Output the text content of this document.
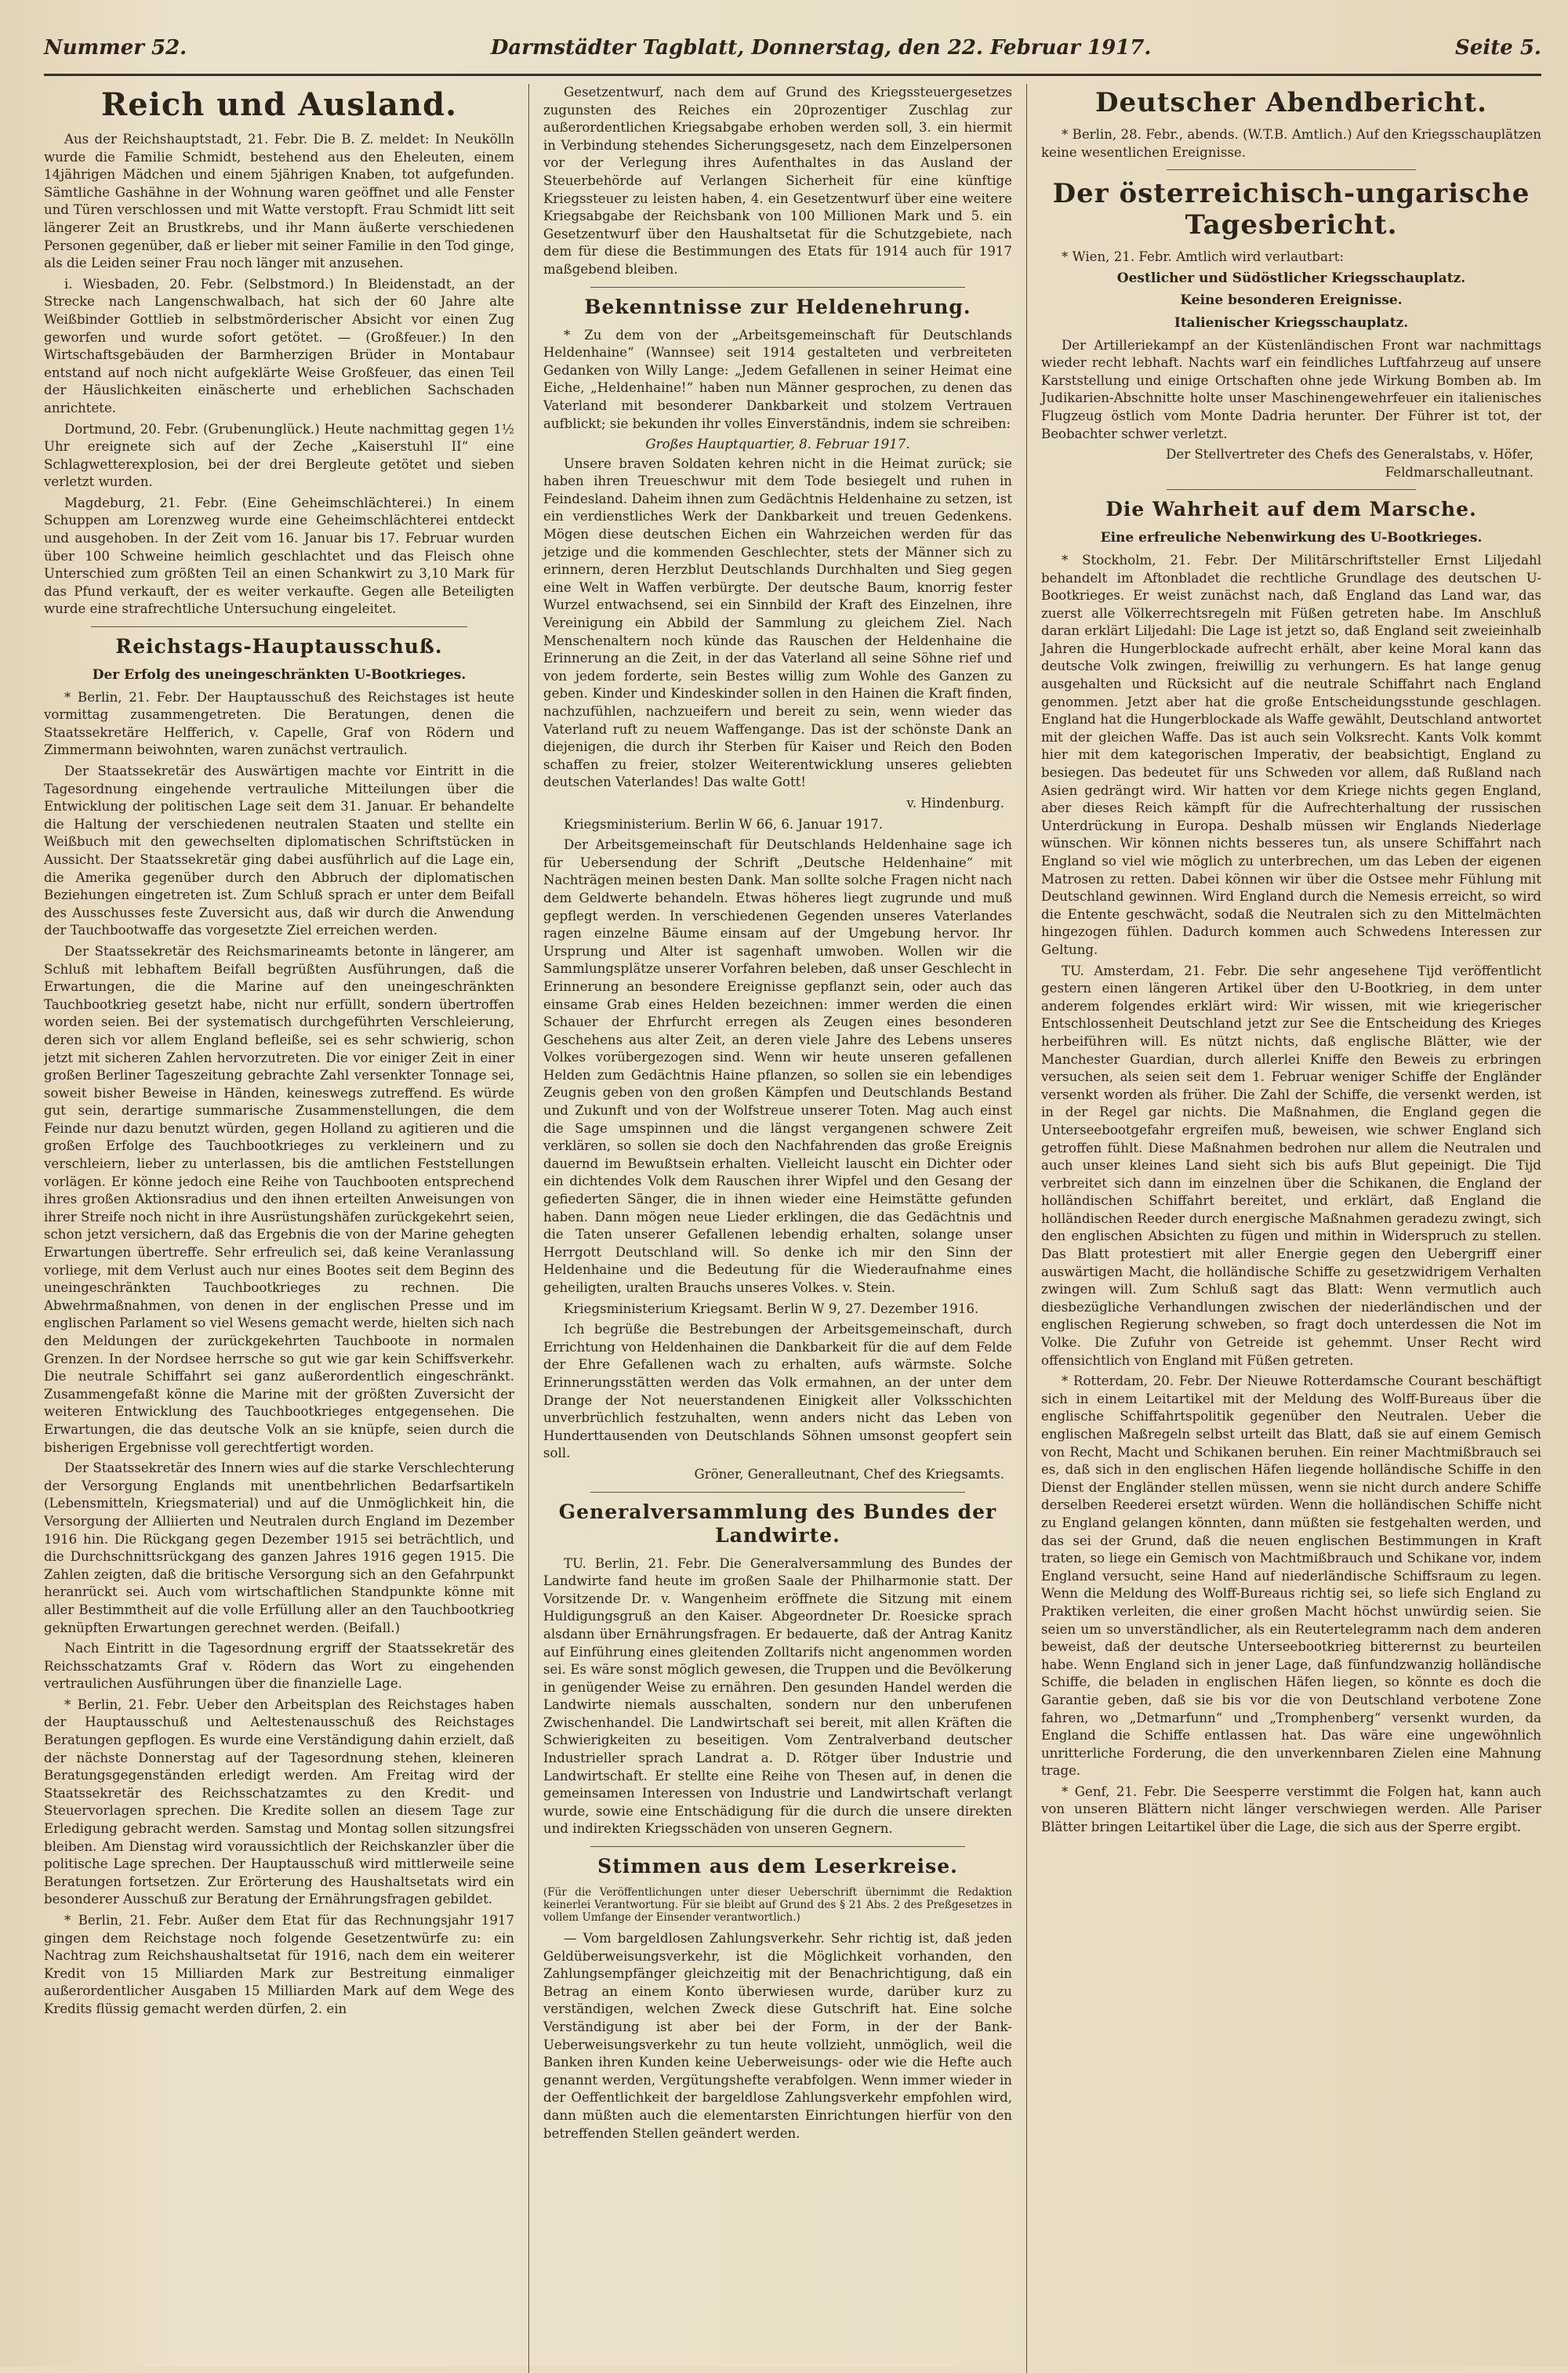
Nummer 52.	Darmstädter Tagblatt, Donnerstag, den 22. Februar 1917.	Seite 5.
Reich und Ausland.

Aus der Reichshauptstadt, 21. Febr. Die B. Z. meldet: In Neukölln wurde die Familie Schmidt, bestehend aus den Eheleuten, einem 14jährigen Mädchen und einem 5jährigen Knaben, tot aufgefunden. Sämtliche Gashähne in der Wohnung waren geöffnet und alle Fenster und Türen verschlossen und mit Watte verstopft. Frau Schmidt litt seit längerer Zeit an Brustkrebs, und ihr Mann äußerte verschiedenen Personen gegenüber, daß er lieber mit seiner Familie in den Tod ginge, als die Leiden seiner Frau noch länger mit anzusehen.

i. Wiesbaden, 20. Febr. (Selbstmord.) In Bleidenstadt, an der Strecke nach Langenschwalbach, hat sich der 60 Jahre alte Weißbinder Gottlieb in selbstmörderischer Absicht vor einen Zug geworfen und wurde sofort getötet. — (Großfeuer.) In den Wirtschaftsgebäuden der Barmherzigen Brüder in Montabaur entstand auf noch nicht aufgeklärte Weise Großfeuer, das einen Teil der Häuslichkeiten einäscherte und erheblichen Sachschaden anrichtete.

Dortmund, 20. Febr. (Grubenunglück.) Heute nachmittag gegen 1½ Uhr ereignete sich auf der Zeche „Kaiserstuhl II“ eine Schlagwetterexplosion, bei der drei Bergleute getötet und sieben verletzt wurden.

Magdeburg, 21. Febr. (Eine Geheimschlächterei.) In einem Schuppen am Lorenzweg wurde eine Geheimschlächterei entdeckt und ausgehoben. In der Zeit vom 16. Januar bis 17. Februar wurden über 100 Schweine heimlich geschlachtet und das Fleisch ohne Unterschied zum größten Teil an einen Schankwirt zu 3,10 Mark für das Pfund verkauft, der es weiter verkaufte. Gegen alle Beteiligten wurde eine strafrechtliche Untersuchung eingeleitet.

Reichstags-Hauptausschuß.
Der Erfolg des uneingeschränkten U-Bootkrieges.

* Berlin, 21. Febr. Der Hauptausschuß des Reichstages ist heute vormittag zusammengetreten. Die Beratungen, denen die Staatssekretäre Helfferich, v. Capelle, Graf von Rödern und Zimmermann beiwohnten, waren zunächst vertraulich.

Der Staatssekretär des Auswärtigen machte vor Eintritt in die Tagesordnung eingehende vertrauliche Mitteilungen über die Entwicklung der politischen Lage seit dem 31. Januar. Er behandelte die Haltung der verschiedenen neutralen Staaten und stellte ein Weißbuch mit den gewechselten diplomatischen Schriftstücken in Aussicht. Der Staatssekretär ging dabei ausführlich auf die Lage ein, die Amerika gegenüber durch den Abbruch der diplomatischen Beziehungen eingetreten ist. Zum Schluß sprach er unter dem Beifall des Ausschusses feste Zuversicht aus, daß wir durch die Anwendung der Tauchbootwaffe das vorgesetzte Ziel erreichen werden.

Der Staatssekretär des Reichsmarineamts betonte in längerer, am Schluß mit lebhaftem Beifall begrüßten Ausführungen, daß die Erwartungen, die die Marine auf den uneingeschränkten Tauchbootkrieg gesetzt habe, nicht nur erfüllt, sondern übertroffen worden seien. Bei der systematisch durchgeführten Verschleierung, deren sich vor allem England befleiße, sei es sehr schwierig, schon jetzt mit sicheren Zahlen hervorzutreten. Die vor einiger Zeit in einer großen Berliner Tageszeitung gebrachte Zahl versenkter Tonnage sei, soweit bisher Beweise in Händen, keineswegs zutreffend. Es würde gut sein, derartige summarische Zusammenstellungen, die dem Feinde nur dazu benutzt würden, gegen Holland zu agitieren und die großen Erfolge des Tauchbootkrieges zu verkleinern und zu verschleiern, lieber zu unterlassen, bis die amtlichen Feststellungen vorlägen. Er könne jedoch eine Reihe von Tauchbooten entsprechend ihres großen Aktionsradius und den ihnen erteilten Anweisungen von ihrer Streife noch nicht in ihre Ausrüstungshäfen zurückgekehrt seien, schon jetzt versichern, daß das Ergebnis die von der Marine gehegten Erwartungen übertreffe. Sehr erfreulich sei, daß keine Veranlassung vorliege, mit dem Verlust auch nur eines Bootes seit dem Beginn des uneingeschränkten Tauchbootkrieges zu rechnen. Die Abwehrmaßnahmen, von denen in der englischen Presse und im englischen Parlament so viel Wesens gemacht werde, hielten sich nach den Meldungen der zurückgekehrten Tauchboote in normalen Grenzen. In der Nordsee herrsche so gut wie gar kein Schiffsverkehr. Die neutrale Schiffahrt sei ganz außerordentlich eingeschränkt. Zusammengefaßt könne die Marine mit der größten Zuversicht der weiteren Entwicklung des Tauchbootkrieges entgegensehen. Die Erwartungen, die das deutsche Volk an sie knüpfe, seien durch die bisherigen Ergebnisse voll gerechtfertigt worden.

Der Staatssekretär des Innern wies auf die starke Verschlechterung der Versorgung Englands mit unentbehrlichen Bedarfsartikeln (Lebensmitteln, Kriegsmaterial) und auf die Unmöglichkeit hin, die Versorgung der Alliierten und Neutralen durch England im Dezember 1916 hin. Die Rückgang gegen Dezember 1915 sei beträchtlich, und die Durchschnittsrückgang des ganzen Jahres 1916 gegen 1915. Die Zahlen zeigten, daß die britische Versorgung sich an den Gefahrpunkt heranrückt sei. Auch vom wirtschaftlichen Standpunkte könne mit aller Bestimmtheit auf die volle Erfüllung aller an den Tauchbootkrieg geknüpften Erwartungen gerechnet werden. (Beifall.)

Nach Eintritt in die Tagesordnung ergriff der Staatssekretär des Reichsschatzamts Graf v. Rödern das Wort zu eingehenden vertraulichen Ausführungen über die finanzielle Lage.

* Berlin, 21. Febr. Ueber den Arbeitsplan des Reichstages haben der Hauptausschuß und Aeltestenausschuß des Reichstages Beratungen gepflogen. Es wurde eine Verständigung dahin erzielt, daß der nächste Donnerstag auf der Tagesordnung stehen, kleineren Beratungsgegenständen erledigt werden. Am Freitag wird der Staatssekretär des Reichsschatzamtes zu den Kredit- und Steuervorlagen sprechen. Die Kredite sollen an diesem Tage zur Erledigung gebracht werden. Samstag und Montag sollen sitzungsfrei bleiben. Am Dienstag wird voraussichtlich der Reichskanzler über die politische Lage sprechen. Der Hauptausschuß wird mittlerweile seine Beratungen fortsetzen. Zur Erörterung des Haushaltsetats wird ein besonderer Ausschuß zur Beratung der Ernährungsfragen gebildet.

* Berlin, 21. Febr. Außer dem Etat für das Rechnungsjahr 1917 gingen dem Reichstage noch folgende Gesetzentwürfe zu: ein Nachtrag zum Reichshaushaltsetat für 1916, nach dem ein weiterer Kredit von 15 Milliarden Mark zur Bestreitung einmaliger außerordentlicher Ausgaben 15 Milliarden Mark auf dem Wege des Kredits flüssig gemacht werden dürfen, 2. ein

Gesetzentwurf, nach dem auf Grund des Kriegssteuergesetzes zugunsten des Reiches ein 20prozentiger Zuschlag zur außerordentlichen Kriegsabgabe erhoben werden soll, 3. ein hiermit in Verbindung stehendes Sicherungsgesetz, nach dem Einzelpersonen vor der Verlegung ihres Aufenthaltes in das Ausland der Steuerbehörde auf Verlangen Sicherheit für eine künftige Kriegssteuer zu leisten haben, 4. ein Gesetzentwurf über eine weitere Kriegsabgabe der Reichsbank von 100 Millionen Mark und 5. ein Gesetzentwurf über den Haushaltsetat für die Schutzgebiete, nach dem für diese die Bestimmungen des Etats für 1914 auch für 1917 maßgebend bleiben.

Bekenntnisse zur Heldenehrung.

* Zu dem von der „Arbeitsgemeinschaft für Deutschlands Heldenhaine“ (Wannsee) seit 1914 gestalteten und verbreiteten Gedanken von Willy Lange: „Jedem Gefallenen in seiner Heimat eine Eiche, „Heldenhaine!“ haben nun Männer gesprochen, zu denen das Vaterland mit besonderer Dankbarkeit und stolzem Vertrauen aufblickt; sie bekunden ihr volles Einverständnis, indem sie schreiben:

Großes Hauptquartier, 8. Februar 1917.

Unsere braven Soldaten kehren nicht in die Heimat zurück; sie haben ihren Treueschwur mit dem Tode besiegelt und ruhen in Feindesland. Daheim ihnen zum Gedächtnis Heldenhaine zu setzen, ist ein verdienstliches Werk der Dankbarkeit und treuen Gedenkens. Mögen diese deutschen Eichen ein Wahrzeichen werden für das jetzige und die kommenden Geschlechter, stets der Männer sich zu erinnern, deren Herzblut Deutschlands Durchhalten und Sieg gegen eine Welt in Waffen verbürgte. Der deutsche Baum, knorrig fester Wurzel entwachsend, sei ein Sinnbild der Kraft des Einzelnen, ihre Vereinigung ein Abbild der Sammlung zu gleichem Ziel. Nach Menschenaltern noch künde das Rauschen der Heldenhaine die Erinnerung an die Zeit, in der das Vaterland all seine Söhne rief und von jedem forderte, sein Bestes willig zum Wohle des Ganzen zu geben. Kinder und Kindeskinder sollen in den Hainen die Kraft finden, nachzufühlen, nachzueifern und bereit zu sein, wenn wieder das Vaterland ruft zu neuem Waffengange. Das ist der schönste Dank an diejenigen, die durch ihr Sterben für Kaiser und Reich den Boden schaffen zu freier, stolzer Weiterentwicklung unseres geliebten deutschen Vaterlandes! Das walte Gott!

v. Hindenburg.

Kriegsministerium. Berlin W 66, 6. Januar 1917.

Der Arbeitsgemeinschaft für Deutschlands Heldenhaine sage ich für Uebersendung der Schrift „Deutsche Heldenhaine“ mit Nachträgen meinen besten Dank. Man sollte solche Fragen nicht nach dem Geldwerte behandeln. Etwas höheres liegt zugrunde und muß gepflegt werden. In verschiedenen Gegenden unseres Vaterlandes ragen einzelne Bäume einsam auf der Umgebung hervor. Ihr Ursprung und Alter ist sagenhaft umwoben. Wollen wir die Sammlungsplätze unserer Vorfahren beleben, daß unser Geschlecht in Erinnerung an besondere Ereignisse gepflanzt sein, oder auch das einsame Grab eines Helden bezeichnen: immer werden die einen Schauer der Ehrfurcht erregen als Zeugen eines besonderen Geschehens aus alter Zeit, an deren viele Jahre des Lebens unseres Volkes vorübergezogen sind. Wenn wir heute unseren gefallenen Helden zum Gedächtnis Haine pflanzen, so sollen sie ein lebendiges Zeugnis geben von den großen Kämpfen und Deutschlands Bestand und Zukunft und von der Wolfstreue unserer Toten. Mag auch einst die Sage umspinnen und die längst vergangenen schwere Zeit verklären, so sollen sie doch den Nachfahrenden das große Ereignis dauernd im Bewußtsein erhalten. Vielleicht lauscht ein Dichter oder ein dichtendes Volk dem Rauschen ihrer Wipfel und den Gesang der gefiederten Sänger, die in ihnen wieder eine Heimstätte gefunden haben. Dann mögen neue Lieder erklingen, die das Gedächtnis und die Taten unserer Gefallenen lebendig erhalten, solange unser Herrgott Deutschland will. So denke ich mir den Sinn der Heldenhaine und die Bedeutung für die Wiederaufnahme eines geheiligten, uralten Brauchs unseres Volkes. v. Stein.

Kriegsministerium Kriegsamt. Berlin W 9, 27. Dezember 1916.

Ich begrüße die Bestrebungen der Arbeitsgemeinschaft, durch Errichtung von Heldenhainen die Dankbarkeit für die auf dem Felde der Ehre Gefallenen wach zu erhalten, aufs wärmste. Solche Erinnerungsstätten werden das Volk ermahnen, an der unter dem Drange der Not neuerstandenen Einigkeit aller Volksschichten unverbrüchlich festzuhalten, wenn anders nicht das Leben von Hunderttausenden von Deutschlands Söhnen umsonst geopfert sein soll.

Gröner, Generalleutnant, Chef des Kriegsamts.

Generalversammlung des Bundes der Landwirte.

TU. Berlin, 21. Febr. Die Generalversammlung des Bundes der Landwirte fand heute im großen Saale der Philharmonie statt. Der Vorsitzende Dr. v. Wangenheim eröffnete die Sitzung mit einem Huldigungsgruß an den Kaiser. Abgeordneter Dr. Roesicke sprach alsdann über Ernährungsfragen. Er bedauerte, daß der Antrag Kanitz auf Einführung eines gleitenden Zolltarifs nicht angenommen worden sei. Es wäre sonst möglich gewesen, die Truppen und die Bevölkerung in genügender Weise zu ernähren. Den gesunden Handel werden die Landwirte niemals ausschalten, sondern nur den unberufenen Zwischenhandel. Die Landwirtschaft sei bereit, mit allen Kräften die Schwierigkeiten zu beseitigen. Vom Zentralverband deutscher Industrieller sprach Landrat a. D. Rötger über Industrie und Landwirtschaft. Er stellte eine Reihe von Thesen auf, in denen die gemeinsamen Interessen von Industrie und Landwirtschaft verlangt wurde, sowie eine Entschädigung für die durch die unsere direkten und indirekten Kriegsschäden von unseren Gegnern.

Stimmen aus dem Leserkreise.

(Für die Veröffentlichungen unter dieser Ueberschrift übernimmt die Redaktion keinerlei Verantwortung. Für sie bleibt auf Grund des § 21 Abs. 2 des Preßgesetzes in vollem Umfange der Einsender verantwortlich.)

— Vom bargeldlosen Zahlungsverkehr. Sehr richtig ist, daß jeden Geldüberweisungsverkehr, ist die Möglichkeit vorhanden, den Zahlungsempfänger gleichzeitig mit der Benachrichtigung, daß ein Betrag an einem Konto überwiesen wurde, darüber kurz zu verständigen, welchen Zweck diese Gutschrift hat. Eine solche Verständigung ist aber bei der Form, in der der Bank-Ueberweisungsverkehr zu tun heute vollzieht, unmöglich, weil die Banken ihren Kunden keine Ueberweisungs- oder wie die Hefte auch genannt werden, Vergütungshefte verabfolgen. Wenn immer wieder in der Oeffentlichkeit der bargeldlose Zahlungsverkehr empfohlen wird, dann müßten auch die elementarsten Einrichtungen hierfür von den betreffenden Stellen geändert werden.

Deutscher Abendbericht.

* Berlin, 28. Febr., abends. (W.T.B. Amtlich.) Auf den Kriegsschauplätzen keine wesentlichen Ereignisse.

Der österreichisch-ungarische Tagesbericht.

* Wien, 21. Febr. Amtlich wird verlautbart:

Oestlicher und Südöstlicher Kriegsschauplatz.
Keine besonderen Ereignisse.
Italienischer Kriegsschauplatz.

Der Artilleriekampf an der Küstenländischen Front war nachmittags wieder recht lebhaft. Nachts warf ein feindliches Luftfahrzeug auf unsere Karststellung und einige Ortschaften ohne jede Wirkung Bomben ab. Im Judikarien-Abschnitte holte unser Maschinengewehrfeuer ein italienisches Flugzeug östlich vom Monte Dadria herunter. Der Führer ist tot, der Beobachter schwer verletzt.

Der Stellvertreter des Chefs des Generalstabs, v. Höfer, Feldmarschalleutnant.

Die Wahrheit auf dem Marsche.
Eine erfreuliche Nebenwirkung des U-Bootkrieges.

* Stockholm, 21. Febr. Der Militärschriftsteller Ernst Liljedahl behandelt im Aftonbladet die rechtliche Grundlage des deutschen U-Bootkrieges. Er weist zunächst nach, daß England das Land war, das zuerst alle Völkerrechtsregeln mit Füßen getreten habe. Im Anschluß daran erklärt Liljedahl: Die Lage ist jetzt so, daß England seit zweieinhalb Jahren die Hungerblockade aufrecht erhält, aber keine Moral kann das deutsche Volk zwingen, freiwillig zu verhungern. Es hat lange genug ausgehalten und Rücksicht auf die neutrale Schiffahrt nach England genommen. Jetzt aber hat die große Entscheidungsstunde geschlagen. England hat die Hungerblockade als Waffe gewählt, Deutschland antwortet mit der gleichen Waffe. Das ist auch sein Volksrecht. Kants Volk kommt hier mit dem kategorischen Imperativ, der beabsichtigt, England zu besiegen. Das bedeutet für uns Schweden vor allem, daß Rußland nach Asien gedrängt wird. Wir hatten vor dem Kriege nichts gegen England, aber dieses Reich kämpft für die Aufrechterhaltung der russischen Unterdrückung in Europa. Deshalb müssen wir Englands Niederlage wünschen. Wir können nichts besseres tun, als unsere Schiffahrt nach England so viel wie möglich zu unterbrechen, um das Leben der eigenen Matrosen zu retten. Dabei können wir über die Ostsee mehr Fühlung mit Deutschland gewinnen. Wird England durch die Nemesis erreicht, so wird die Entente geschwächt, sodaß die Neutralen sich zu den Mittelmächten hingezogen fühlen. Dadurch kommen auch Schwedens Interessen zur Geltung.

TU. Amsterdam, 21. Febr. Die sehr angesehene Tijd veröffentlicht gestern einen längeren Artikel über den U-Bootkrieg, in dem unter anderem folgendes erklärt wird: Wir wissen, mit wie kriegerischer Entschlossenheit Deutschland jetzt zur See die Entscheidung des Krieges herbeiführen will. Es nützt nichts, daß englische Blätter, wie der Manchester Guardian, durch allerlei Kniffe den Beweis zu erbringen versuchen, als seien seit dem 1. Februar weniger Schiffe der Engländer versenkt worden als früher. Die Zahl der Schiffe, die versenkt werden, ist in der Regel gar nichts. Die Maßnahmen, die England gegen die Unterseebootgefahr ergreifen muß, beweisen, wie schwer England sich getroffen fühlt. Diese Maßnahmen bedrohen nur allem die Neutralen und auch unser kleines Land sieht sich bis aufs Blut gepeinigt. Die Tijd verbreitet sich dann im einzelnen über die Schikanen, die England der holländischen Schiffahrt bereitet, und erklärt, daß England die holländischen Reeder durch energische Maßnahmen geradezu zwingt, sich den englischen Absichten zu fügen und mithin in Widerspruch zu stellen. Das Blatt protestiert mit aller Energie gegen den Uebergriff einer auswärtigen Macht, die holländische Schiffe zu gesetzwidrigem Verhalten zwingen will. Zum Schluß sagt das Blatt: Wenn vermutlich auch diesbezügliche Verhandlungen zwischen der niederländischen und der englischen Regierung schweben, so fragt doch unterdessen die Not im Volke. Die Zufuhr von Getreide ist gehemmt. Unser Recht wird offensichtlich von England mit Füßen getreten.

* Rotterdam, 20. Febr. Der Nieuwe Rotterdamsche Courant beschäftigt sich in einem Leitartikel mit der Meldung des Wolff-Bureaus über die englische Schiffahrtspolitik gegenüber den Neutralen. Ueber die englischen Maßregeln selbst urteilt das Blatt, daß sie auf einem Gemisch von Recht, Macht und Schikanen beruhen. Ein reiner Machtmißbrauch sei es, daß sich in den englischen Häfen liegende holländische Schiffe in den Dienst der Engländer stellen müssen, wenn sie nicht durch andere Schiffe derselben Reederei ersetzt würden. Wenn die holländischen Schiffe nicht zu England gelangen könnten, dann müßten sie festgehalten werden, und das sei der Grund, daß die neuen englischen Bestimmungen in Kraft traten, so liege ein Gemisch von Machtmißbrauch und Schikane vor, indem England versucht, seine Hand auf niederländische Schiffsraum zu legen. Wenn die Meldung des Wolff-Bureaus richtig sei, so liefe sich England zu Praktiken verleiten, die einer großen Macht höchst unwürdig seien. Sie seien um so unverständlicher, als ein Reutertelegramm nach dem anderen beweist, daß der deutsche Unterseebootkrieg bitterernst zu beurteilen habe. Wenn England sich in jener Lage, daß fünfundzwanzig holländische Schiffe, die beladen in englischen Häfen liegen, so könnte es doch die Garantie geben, daß sie bis vor die von Deutschland verbotene Zone fahren, wo „Detmarfunn“ und „Tromphenberg“ versenkt wurden, da England die Schiffe entlassen hat. Das wäre eine ungewöhnlich unritterliche Forderung, die den unverkennbaren Zielen eine Mahnung trage.

* Genf, 21. Febr. Die Seesperre verstimmt die Folgen hat, kann auch von unseren Blättern nicht länger verschwiegen werden. Alle Pariser Blätter bringen Leitartikel über die Lage, die sich aus der Sperre ergibt.
